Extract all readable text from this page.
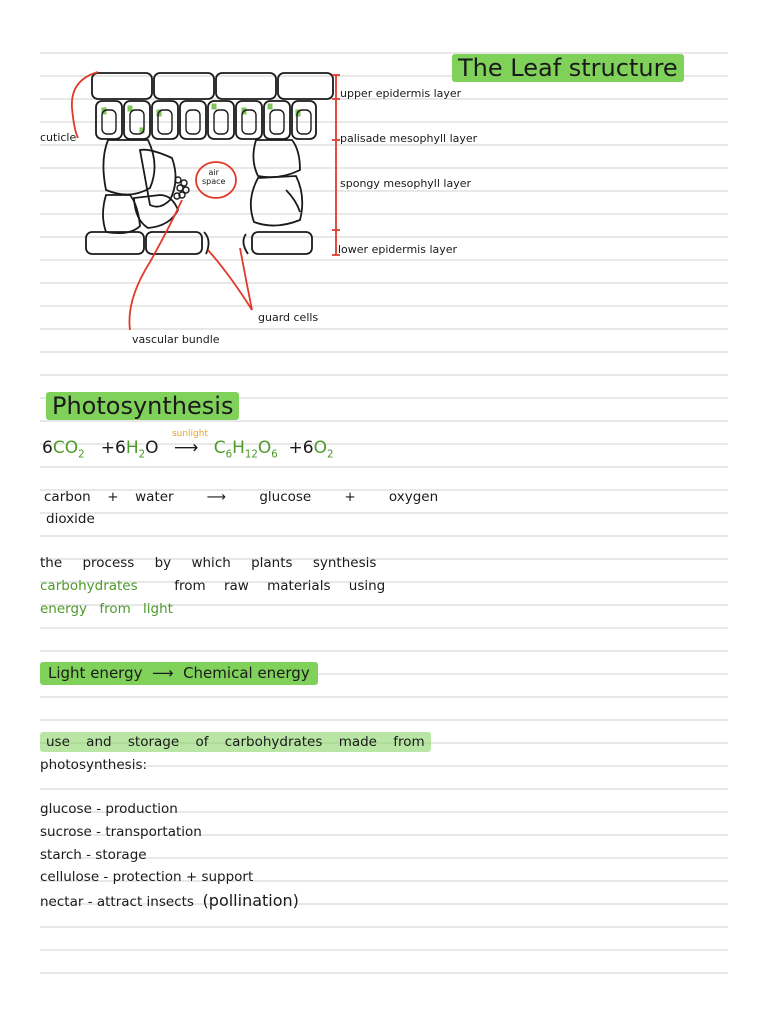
The Leaf structure
cuticle
upper epidermis layer
palisade mesophyll layer
spongy mesophyll layer
lower epidermis layer
air
space
guard cells
vascular bundle
Photosynthesis
$6CO_2 +6H_2O$
sunlight
⟶ $C_6H_{12}O_6 +6O_2$
carbon + water ⟶ glucose + oxygen
dioxide
the process by which plants synthesis
carbohydrates	from raw materials using
energy from light
Light energy ⟶ Chemical energy
use and storage of carbohydrates made from
photosynthesis:
glucose - production
sucrose - transportation
starch - storage
cellulose - protection + support
nectar - attract insects (pollination)
